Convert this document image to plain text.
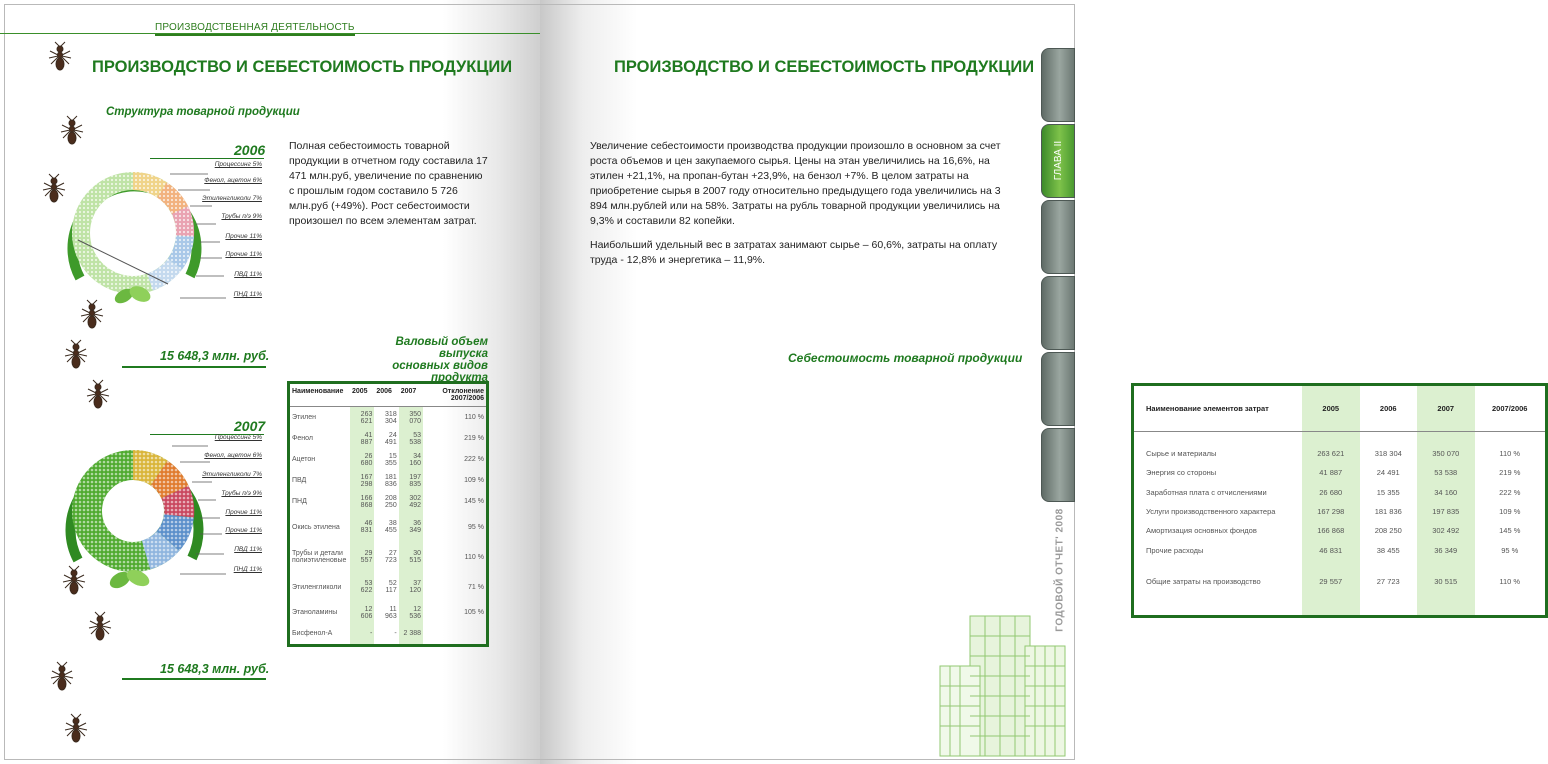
ПРОИЗВОДСТВЕННАЯ ДЕЯТЕЛЬНОСТЬ
ПРОИЗВОДСТВО И СЕБЕСТОИМОСТЬ ПРОДУКЦИИ
Структура товарной продукции
2006
Процессинг 5%
Фенол, ацетон 6%
Этиленгликоли 7%
Трубы п/э 9%
Прочие 11%
Прочие 11%
ПВД 11%
ПНД 11%
15 648,3 млн. руб.
2007
Процессинг 5%
Фенол, ацетон 6%
Этиленгликоли 7%
Трубы п/э 9%
Прочие 11%
Прочие 11%
ПВД 11%
ПНД 11%
15 648,3 млн. руб.
Полная себестоимость товарной продукции в отчетном году составила 17 471 млн.руб, увеличение по сравнению с прошлым годом составило 5 726 млн.руб (+49%). Рост себестоимости произошел по всем элементам затрат.
Валовый объем выпуска
основных видов продукта
Наименование	2005	2006	2007	Отклонение 2007/2006
Этилен	263 621	318 304	350 070	110 %
Фенол	41 887	24 491	53 538	219 %
Ацетон	26 680	15 355	34 160	222 %
ПВД	167 298	181 836	197 835	109 %
ПНД	166 868	208 250	302 492	145 %
Окись этилена	46 831	38 455	36 349	95 %
Трубы и детали полиэтиленовые	29 557	27 723	30 515	110 %
Этиленгликоли	53 622	52 117	37 120	71 %
Этаноламины	12 606	11 963	12 536	105 %
Бисфенол-А	-	-	2 388	
ПРОИЗВОДСТВО И СЕБЕСТОИМОСТЬ ПРОДУКЦИИ
Увеличение себестоимости производства продукции произошло в основном за счет роста объемов и цен закупаемого сырья. Цены на этан увеличились на 16,6%, на этилен +21,1%, на пропан-бутан +23,9%, на бензол +7%. В целом затраты на приобретение сырья в 2007 году относительно предыдущего года увеличились на 3 894 млн.рублей или на 58%. Затраты на рубль товарной продукции увеличились на 9,3% и составили 82 копейки.
Наибольший удельный вес в затратах занимают сырье – 60,6%, затраты на оплату труда - 12,8% и энергетика – 11,9%.
Себестоимость товарной продукции
ГЛАВА II
ГОДОВОЙ ОТЧЕТ' 2008
Наименование элементов затрат	2005	2006	2007	2007/2006

Сырье и материалы	263 621	318 304	350 070	110 %
Энергия со стороны	41 887	24 491	53 538	219 %
Заработная плата с отчислениями	26 680	15 355	34 160	222 %
Услуги производственного характера	167 298	181 836	197 835	109 %
Амортизация основных фондов	166 868	208 250	302 492	145 %
Прочие расходы	46 831	38 455	36 349	95 %

Общие затраты на производство	29 557	27 723	30 515	110 %
